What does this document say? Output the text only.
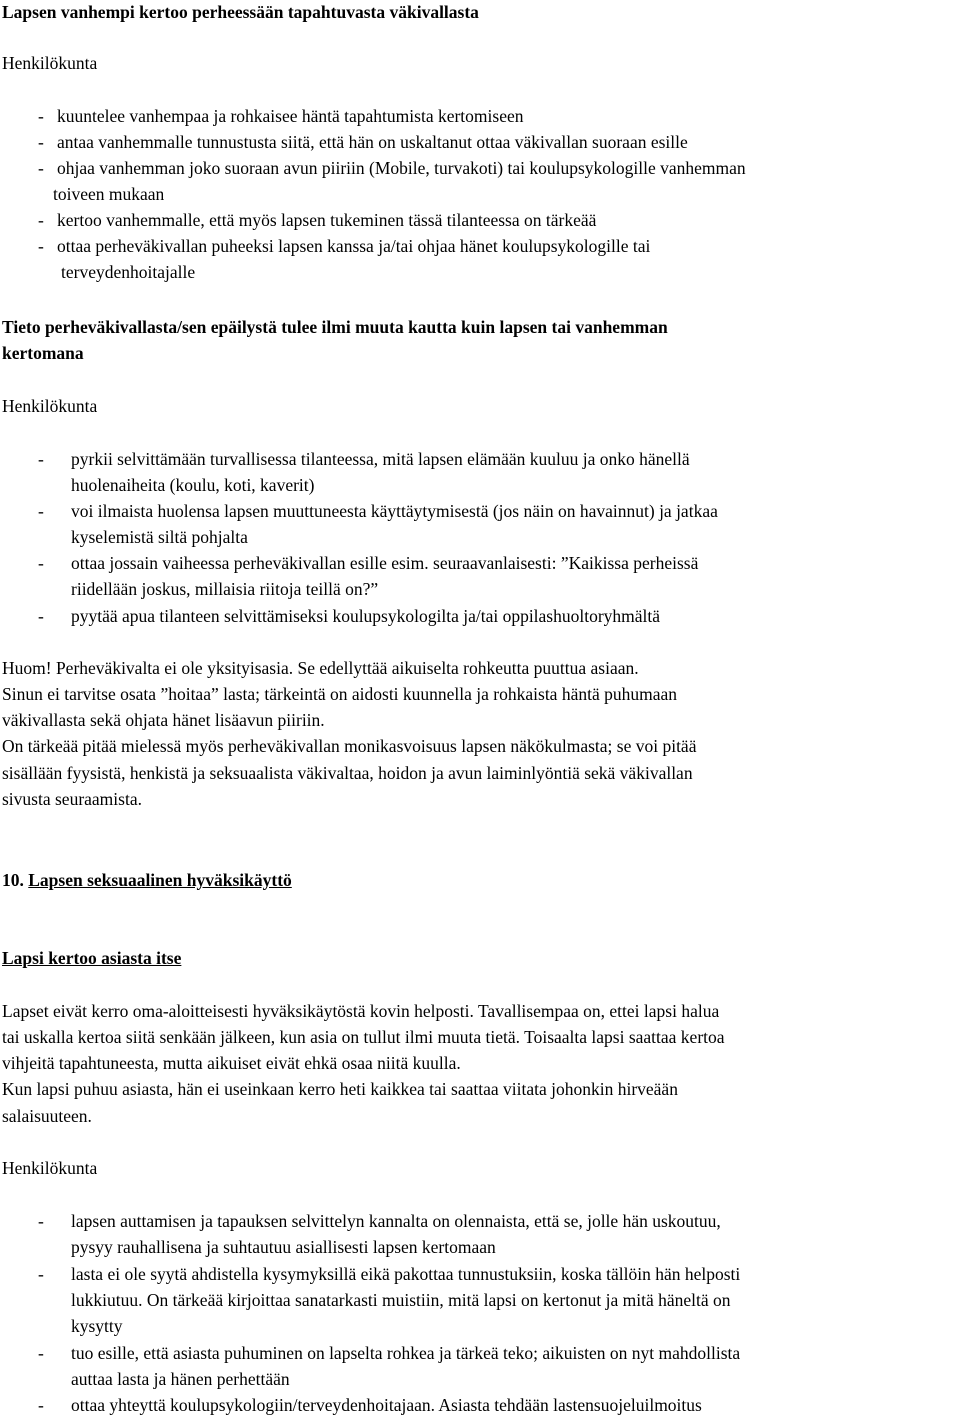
Lapsen vanhempi kertoo perheessään tapahtuvasta väkivallasta
Henkilökunta
- kuuntelee vanhempaa ja rohkaisee häntä tapahtumista kertomiseen
- antaa vanhemmalle tunnustusta siitä, että hän on uskaltanut ottaa väkivallan suoraan esille
- ohjaa vanhemman joko suoraan avun piiriin (Mobile, turvakoti) tai koulupsykologille vanhemman
toiveen mukaan
- kertoo vanhemmalle, että myös lapsen tukeminen tässä tilanteessa on tärkeää
- ottaa perheväkivallan puheeksi lapsen kanssa ja/tai ohjaa hänet koulupsykologille tai
terveydenhoitajalle
Tieto perheväkivallasta/sen epäilystä tulee ilmi muuta kautta kuin lapsen tai vanhemman
kertomana
Henkilökunta
- pyrkii selvittämään turvallisessa tilanteessa, mitä lapsen elämään kuuluu ja onko hänellä
huolenaiheita (koulu, koti, kaverit)
- voi ilmaista huolensa lapsen muuttuneesta käyttäytymisestä (jos näin on havainnut) ja jatkaa
kyselemistä siltä pohjalta
- ottaa jossain vaiheessa perheväkivallan esille esim. seuraavanlaisesti: ”Kaikissa perheissä
riidellään joskus, millaisia riitoja teillä on?”
- pyytää apua tilanteen selvittämiseksi koulupsykologilta ja/tai oppilashuoltoryhmältä
Huom! Perheväkivalta ei ole yksityisasia. Se edellyttää aikuiselta rohkeutta puuttua asiaan.
Sinun ei tarvitse osata ”hoitaa” lasta; tärkeintä on aidosti kuunnella ja rohkaista häntä puhumaan
väkivallasta sekä ohjata hänet lisäavun piiriin.
On tärkeää pitää mielessä myös perheväkivallan monikasvoisuus lapsen näkökulmasta; se voi pitää
sisällään fyysistä, henkistä ja seksuaalista väkivaltaa, hoidon ja avun laiminlyöntiä sekä väkivallan
sivusta seuraamista.
10. Lapsen seksuaalinen hyväksikäyttö
Lapsi kertoo asiasta itse
Lapset eivät kerro oma-aloitteisesti hyväksikäytöstä kovin helposti. Tavallisempaa on, ettei lapsi halua
tai uskalla kertoa siitä senkään jälkeen, kun asia on tullut ilmi muuta tietä. Toisaalta lapsi saattaa kertoa
vihjeitä tapahtuneesta, mutta aikuiset eivät ehkä osaa niitä kuulla.
Kun lapsi puhuu asiasta, hän ei useinkaan kerro heti kaikkea tai saattaa viitata johonkin hirveään
salaisuuteen.
Henkilökunta
- lapsen auttamisen ja tapauksen selvittelyn kannalta on olennaista, että se, jolle hän uskoutuu,
pysyy rauhallisena ja suhtautuu asiallisesti lapsen kertomaan
- lasta ei ole syytä ahdistella kysymyksillä eikä pakottaa tunnustuksiin, koska tällöin hän helposti
lukkiutuu. On tärkeää kirjoittaa sanatarkasti muistiin, mitä lapsi on kertonut ja mitä häneltä on
kysytty
- tuo esille, että asiasta puhuminen on lapselta rohkea ja tärkeä teko; aikuisten on nyt mahdollista
auttaa lasta ja hänen perhettään
- ottaa yhteyttä koulupsykologiin/terveydenhoitajaan. Asiasta tehdään lastensuojeluilmoitus
